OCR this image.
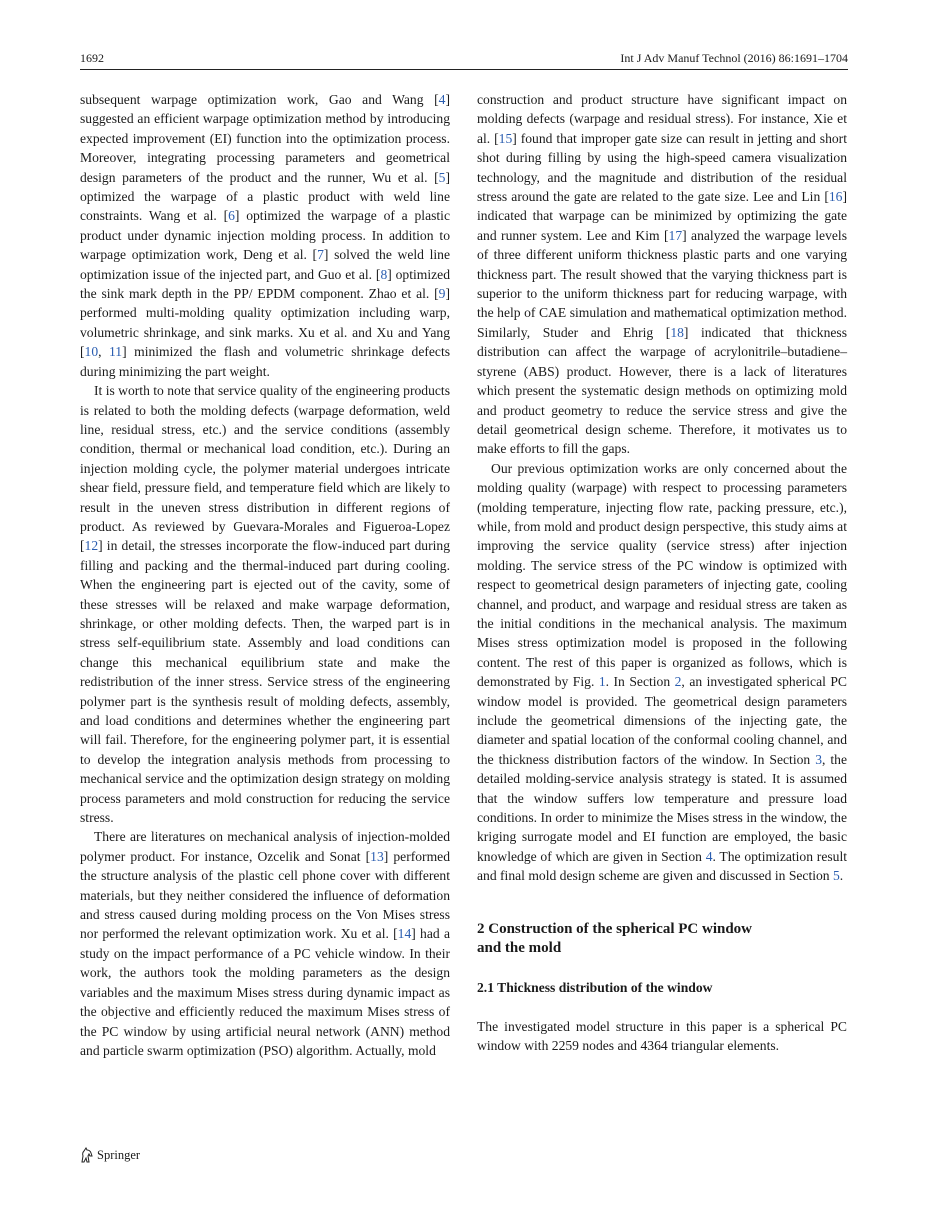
1692	Int J Adv Manuf Technol (2016) 86:1691–1704

subsequent warpage optimization work, Gao and Wang [4] suggested an efficient warpage optimization method by introducing expected improvement (EI) function into the optimization process. Moreover, integrating processing parameters and geometrical design parameters of the product and the runner, Wu et al. [5] optimized the warpage of a plastic product with weld line constraints. Wang et al. [6] optimized the warpage of a plastic product under dynamic injection molding process. In addition to warpage optimization work, Deng et al. [7] solved the weld line optimization issue of the injected part, and Guo et al. [8] optimized the sink mark depth in the PP/ EPDM component. Zhao et al. [9] performed multi-molding quality optimization including warp, volumetric shrinkage, and sink marks. Xu et al. and Xu and Yang [10, 11] minimized the flash and volumetric shrinkage defects during minimizing the part weight.

It is worth to note that service quality of the engineering products is related to both the molding defects (warpage deformation, weld line, residual stress, etc.) and the service conditions (assembly condition, thermal or mechanical load condition, etc.). During an injection molding cycle, the polymer material undergoes intricate shear field, pressure field, and temperature field which are likely to result in the uneven stress distribution in different regions of product. As reviewed by Guevara-Morales and Figueroa-Lopez [12] in detail, the stresses incorporate the flow-induced part during filling and packing and the thermal-induced part during cooling. When the engineering part is ejected out of the cavity, some of these stresses will be relaxed and make warpage deformation, shrinkage, or other molding defects. Then, the warped part is in stress self-equilibrium state. Assembly and load conditions can change this mechanical equilibrium state and make the redistribution of the inner stress. Service stress of the engineering polymer part is the synthesis result of molding defects, assembly, and load conditions and determines whether the engineering part will fail. Therefore, for the engineering polymer part, it is essential to develop the integration analysis methods from processing to mechanical service and the optimization design strategy on molding process parameters and mold construction for reducing the service stress.

There are literatures on mechanical analysis of injection-molded polymer product. For instance, Ozcelik and Sonat [13] performed the structure analysis of the plastic cell phone cover with different materials, but they neither considered the influence of deformation and stress caused during molding process on the Von Mises stress nor performed the relevant optimization work. Xu et al. [14] had a study on the impact performance of a PC vehicle window. In their work, the authors took the molding parameters as the design variables and the maximum Mises stress during dynamic impact as the objective and efficiently reduced the maximum Mises stress of the PC window by using artificial neural network (ANN) method and particle swarm optimization (PSO) algorithm. Actually, mold

construction and product structure have significant impact on molding defects (warpage and residual stress). For instance, Xie et al. [15] found that improper gate size can result in jetting and short shot during filling by using the high-speed camera visualization technology, and the magnitude and distribution of the residual stress around the gate are related to the gate size. Lee and Lin [16] indicated that warpage can be minimized by optimizing the gate and runner system. Lee and Kim [17] analyzed the warpage levels of three different uniform thickness plastic parts and one varying thickness part. The result showed that the varying thickness part is superior to the uniform thickness part for reducing warpage, with the help of CAE simulation and mathematical optimization method. Similarly, Studer and Ehrig [18] indicated that thickness distribution can affect the warpage of acrylonitrile–butadiene–styrene (ABS) product. However, there is a lack of literatures which present the systematic design methods on optimizing mold and product geometry to reduce the service stress and give the detail geometrical design scheme. Therefore, it motivates us to make efforts to fill the gaps.

Our previous optimization works are only concerned about the molding quality (warpage) with respect to processing parameters (molding temperature, injecting flow rate, packing pressure, etc.), while, from mold and product design perspective, this study aims at improving the service quality (service stress) after injection molding. The service stress of the PC window is optimized with respect to geometrical design parameters of injecting gate, cooling channel, and product, and warpage and residual stress are taken as the initial conditions in the mechanical analysis. The maximum Mises stress optimization model is proposed in the following content. The rest of this paper is organized as follows, which is demonstrated by Fig. 1. In Section 2, an investigated spherical PC window model is provided. The geometrical design parameters include the geometrical dimensions of the injecting gate, the diameter and spatial location of the conformal cooling channel, and the thickness distribution factors of the window. In Section 3, the detailed molding-service analysis strategy is stated. It is assumed that the window suffers low temperature and pressure load conditions. In order to minimize the Mises stress in the window, the kriging surrogate model and EI function are employed, the basic knowledge of which are given in Section 4. The optimization result and final mold design scheme are given and discussed in Section 5.

2 Construction of the spherical PC window
and the mold
2.1 Thickness distribution of the window

The investigated model structure in this paper is a spherical PC window with 2259 nodes and 4364 triangular elements.

Springer
